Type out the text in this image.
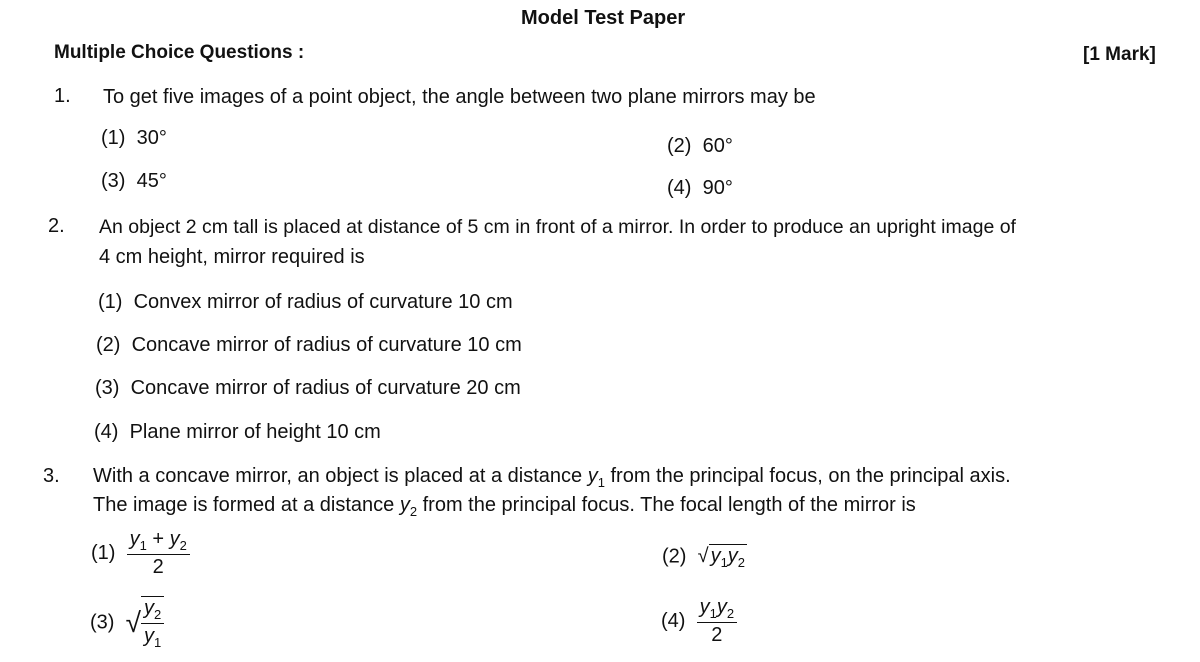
Model Test Paper
Multiple Choice Questions :	[1 Mark]
1. To get five images of a point object, the angle between two plane mirrors may be
(1) 30°	(2) 60°
(3) 45°	(4) 90°
2. An object 2 cm tall is placed at distance of 5 cm in front of a mirror. In order to produce an upright image of
4 cm height, mirror required is
(1) Convex mirror of radius of curvature 10 cm
(2) Concave mirror of radius of curvature 10 cm
(3) Concave mirror of radius of curvature 20 cm
(4) Plane mirror of height 10 cm
3. With a concave mirror, an object is placed at a distance $y_1$ from the principal focus, on the principal axis.
The image is formed at a distance $y_2$ from the principal focus. The focal length of the mirror is
$(1) \frac{y_1 + y_2}{2}$	(2) √ $y_1y_2$
(3) √ $\frac{y_2}{y_1}$	$(4) \frac{y_1y_2}{2}$
